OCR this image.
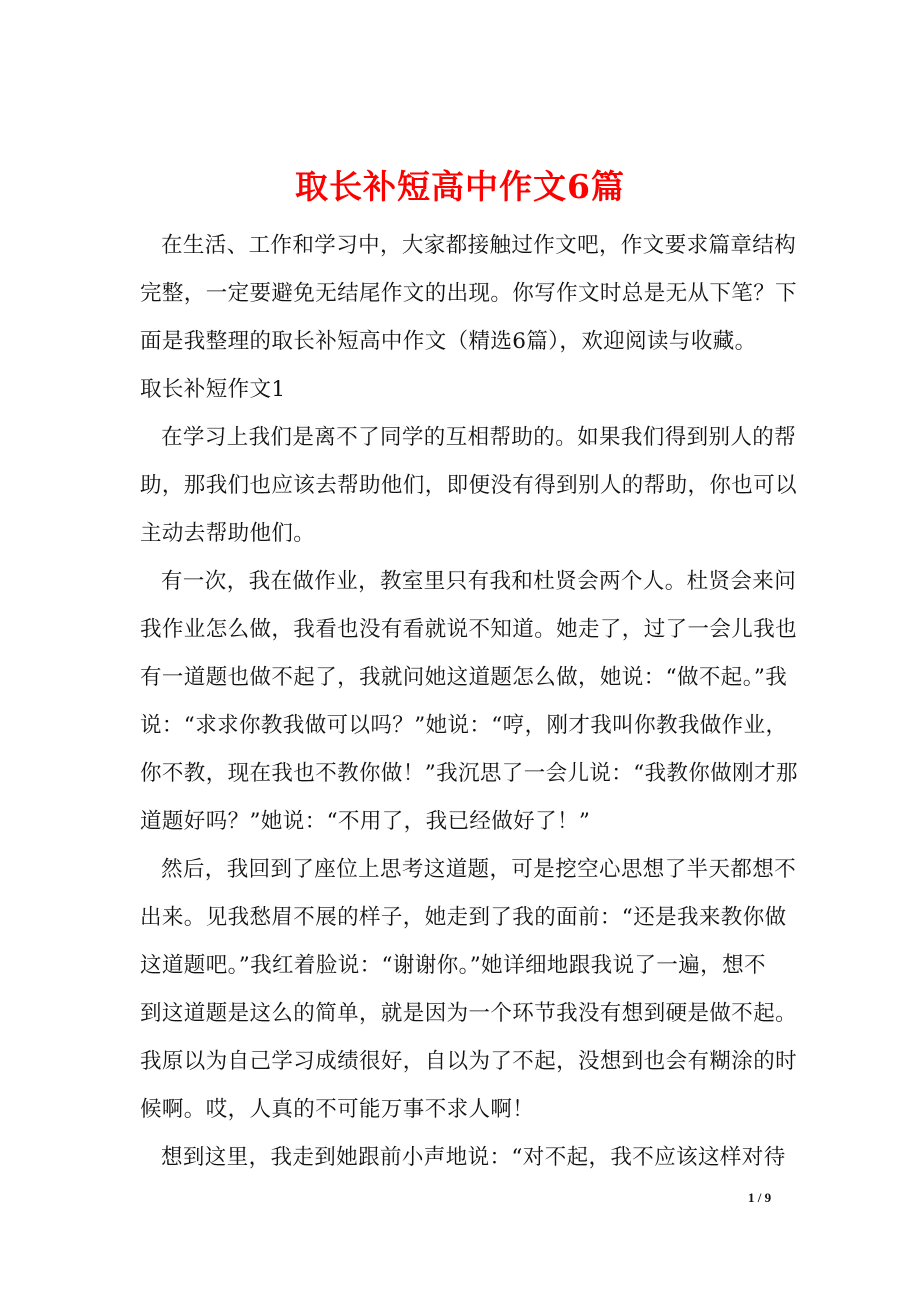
取长补短高中作文6篇
在生活、工作和学习中，大家都接触过作文吧，作文要求篇章结构
完整，一定要避免无结尾作文的出现。你写作文时总是无从下笔？下
面是我整理的取长补短高中作文（精选6篇），欢迎阅读与收藏。
取长补短作文1
在学习上我们是离不了同学的互相帮助的。如果我们得到别人的帮
助，那我们也应该去帮助他们，即便没有得到别人的帮助，你也可以
主动去帮助他们。
有一次，我在做作业，教室里只有我和杜贤会两个人。杜贤会来问
我作业怎么做，我看也没有看就说不知道。她走了，过了一会儿我也
有一道题也做不起了，我就问她这道题怎么做，她说：“做不起。”我
说：“求求你教我做可以吗？”她说：“哼，刚才我叫你教我做作业，
你不教，现在我也不教你做！”我沉思了一会儿说：“我教你做刚才那
道题好吗？”她说：“不用了，我已经做好了！”
然后，我回到了座位上思考这道题，可是挖空心思想了半天都想不
出来。见我愁眉不展的样子，她走到了我的面前：“还是我来教你做
这道题吧。”我红着脸说：“谢谢你。”她详细地跟我说了一遍，想不
到这道题是这么的简单，就是因为一个环节我没有想到硬是做不起。
我原以为自己学习成绩很好，自以为了不起，没想到也会有糊涂的时
候啊。哎，人真的不可能万事不求人啊！
想到这里，我走到她跟前小声地说：“对不起，我不应该这样对待
1 / 9
